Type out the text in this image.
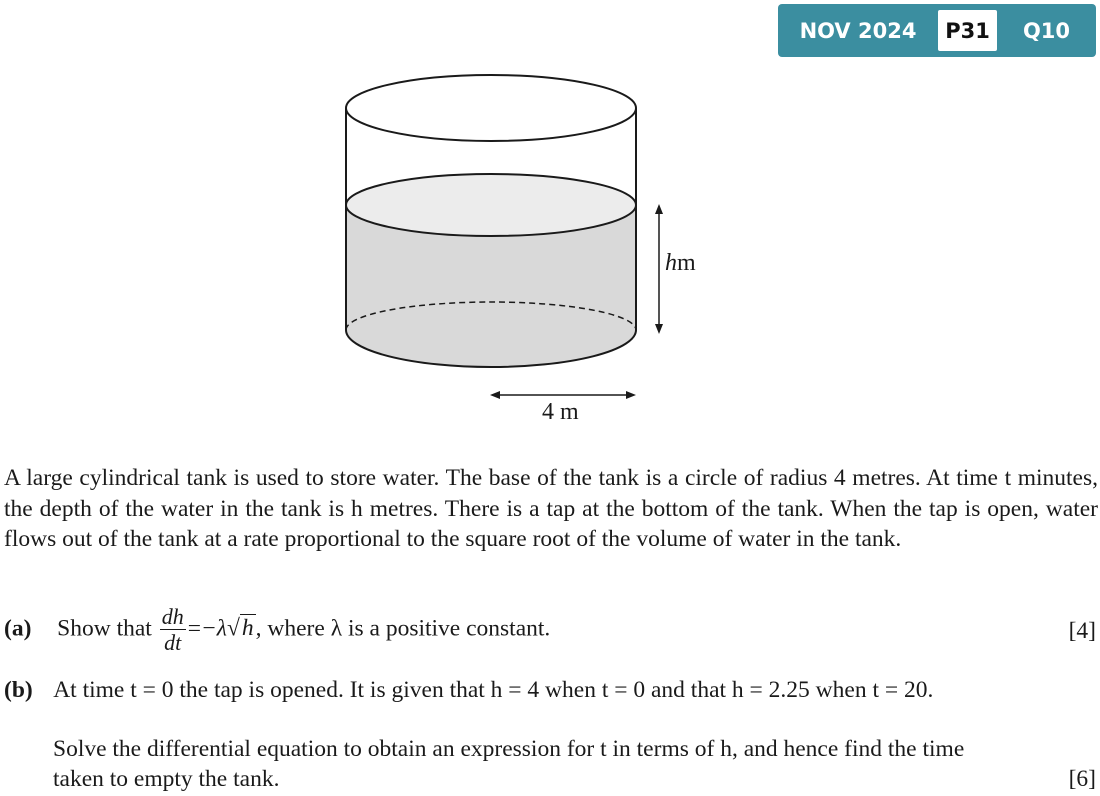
NOV 2024	P31	Q10
hm
4 m
A large cylindrical tank is used to store water. The base of the tank is a circle of radius 4 metres. At time t minutes, the depth of the water in the tank is h metres. There is a tap at the bottom of the tank. When the tap is open, water flows out of the tank at a rate proportional to the square root of the volume of water in the tank.
(a) Show that $\frac{dh}{dt} =-\lambda√h$, where λ is a positive constant.	[4]
(b) At time t = 0 the tap is opened. It is given that h = 4 when t = 0 and that h = 2.25 when t = 20.
Solve the differential equation to obtain an expression for t in terms of h, and hence find the time
taken to empty the tank.	[6]
